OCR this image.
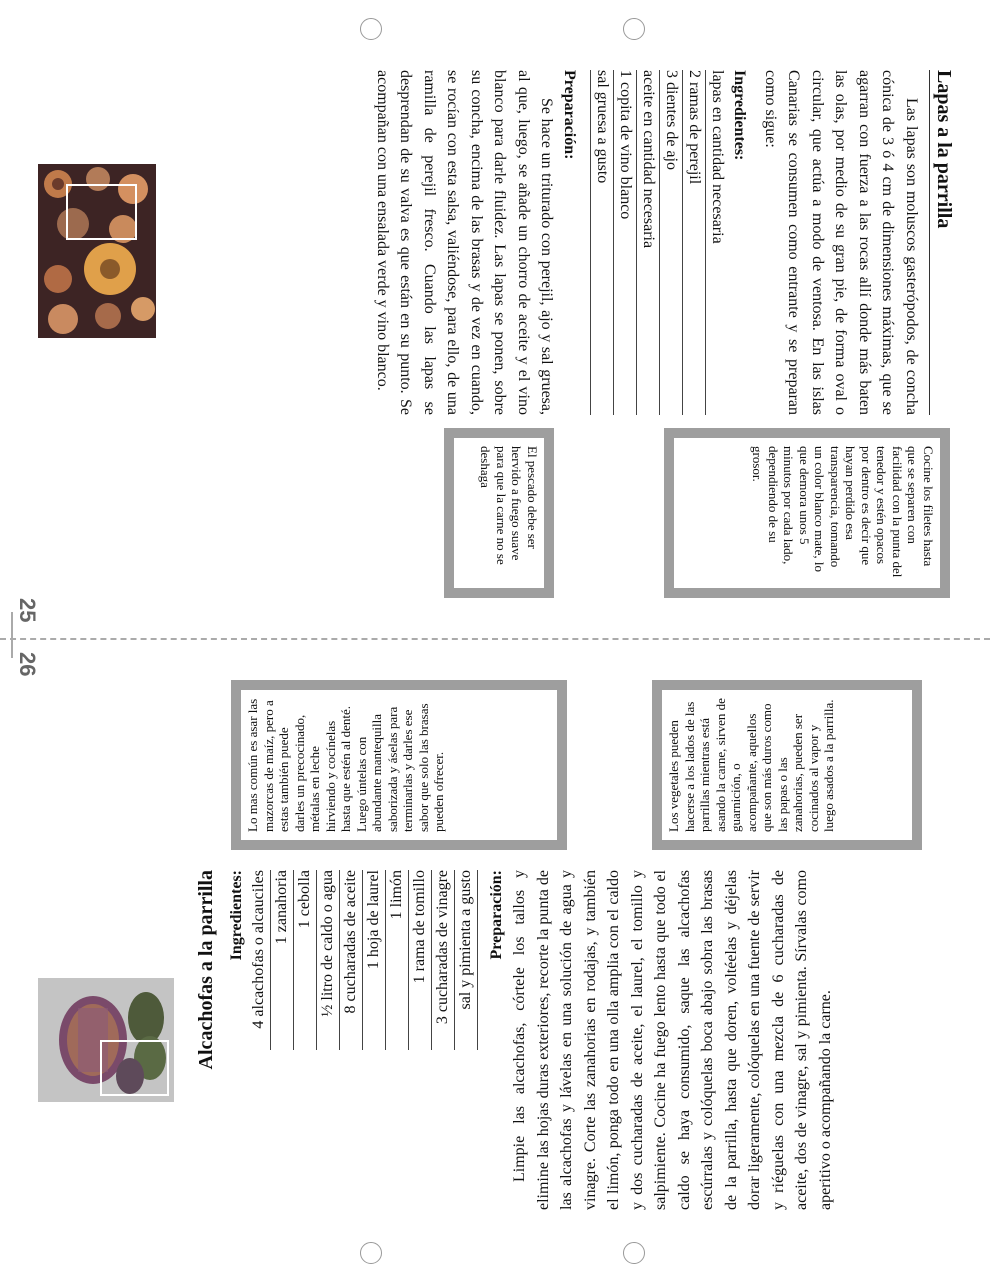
25
26
Lapas a la parrilla

Las lapas son moluscos gasterópodos, de concha cónica de 3 ó 4 cm de dimensiones máximas, que se agarran con fuerza a las rocas allí donde más baten las olas, por medio de su gran pie, de forma oval o circular, que actúa a modo de ventosa. En las islas Canarias se consumen como entrante y se preparan como sigue:

Ingredientes:
lapas en cantidad necesaria
2 ramas de perejil
3 dientes de ajo
aceite en cantidad necesaria
1 copita de vino blanco
sal gruesa a gusto
Preparación:

Se hace un triturado con perejil, ajo y sal gruesa, al que, luego, se añade un chorro de aceite y el vino blanco para darle fluidez. Las lapas se ponen, sobre su concha, encima de las brasas y de vez en cuando, se rocían con esta salsa, valiéndose, para ello, de una ramilla de perejil fresco. Cuando las lapas se desprendan de su valva es que están en su punto. Se acompañan con una ensalada verde y vino blanco.

Cocine los filetes hasta que se separen con facilidad con la punta del tenedor y estén opacos por dentro es decir que hayan perdido esa transparencia, tomando un color blanco mate, lo que demora unos 5 minutos por cada lado, dependiendo de su grosor.
El pescado debe ser hervido a fuego suave para que la carne no se deshaga
Alcachofas a la parrilla Ingredientes: 4 alcachofas o alcauciles 1 zanahoria 1 cebolla ½ litro de caldo o agua 8 cucharadas de aceite 1 hoja de laurel 1 limón 1 rama de tomillo 3 cucharadas de vinagre sal y pimienta a gusto Preparación: Limpie las alcachofas, córtele los tallos y elimine las hojas duras exteriores, recorte la punta de las alcachofas y lávelas en una solución de agua y vinagre. Corte las zanahorias en rodajas, y también el limón, ponga todo en una olla amplia con el caldo y dos cucharadas de aceite, el laurel, el tomillo y salpimiente. Cocine ha fuego lento hasta que todo el caldo se haya consumido, saque las alcachofas escúrralas y colóquelas boca abajo sobra las brasas de la parrilla, hasta que doren, voltéelas y déjelas dorar ligeramente, colóquelas en una fuente de servir y riéguelas con una mezcla de 6 cucharadas de aceite, dos de vinagre, sal y pimienta. Sírvalas como aperitivo o acompañando la carne.

Los vegetales pueden hacerse a los lados de las parrillas mientras está asando la carne, sirven de guarnición, o acompañante, aquellos que son más duros como las papas o las zanahorias, pueden ser cocinados al vapor y luego asados a la parrilla.
Lo mas común es asar las mazorcas de maíz, pero a estas también puede darles un precocinado, métalas en leche hirviendo y cocínelas hasta que estén al denté. Luego úntelas con abundante mantequilla saborizada y áselas para terminarlas y darles ese sabor que solo las brasas pueden ofrecer.
